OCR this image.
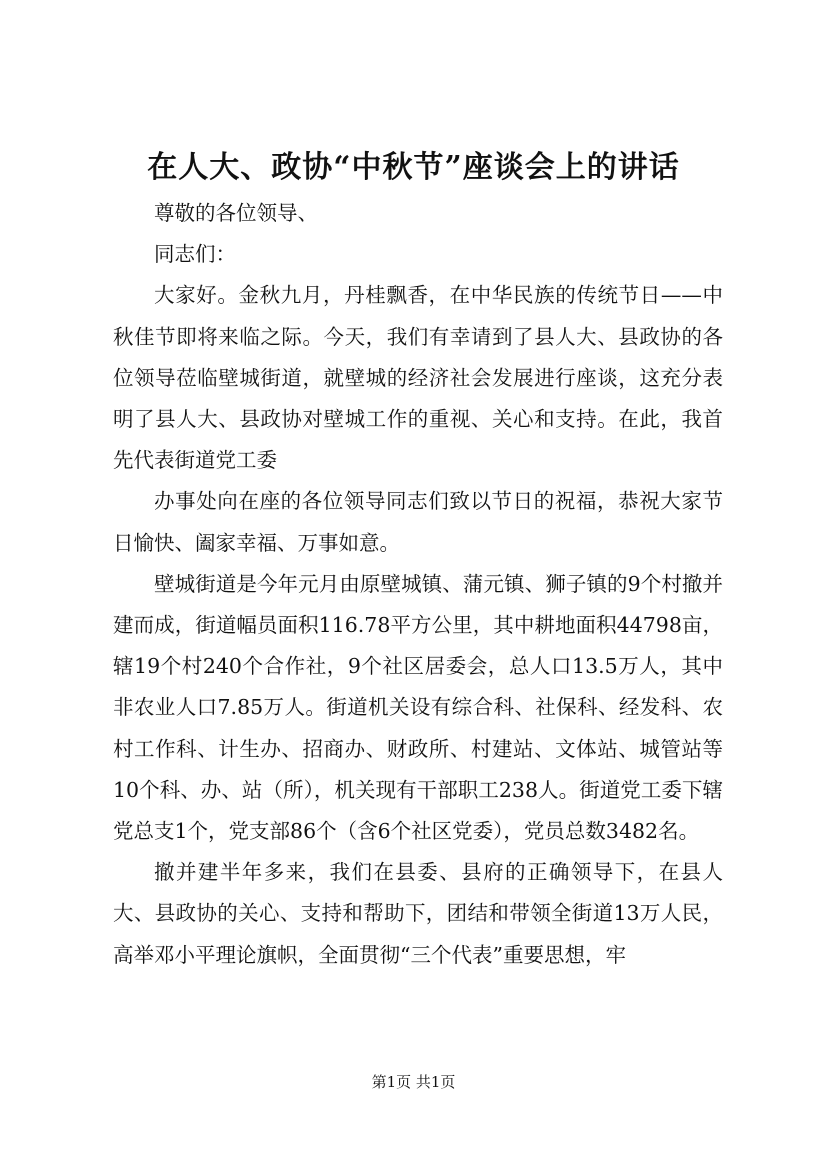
在人大、政协“中秋节”座谈会上的讲话

尊敬的各位领导、

同志们：

大家好。金秋九月，丹桂飘香，在中华民族的传统节日——中秋佳节即将来临之际。今天，我们有幸请到了县人大、县政协的各位领导莅临壁城街道，就壁城的经济社会发展进行座谈，这充分表明了县人大、县政协对壁城工作的重视、关心和支持。在此，我首先代表街道党工委

办事处向在座的各位领导同志们致以节日的祝福，恭祝大家节日愉快、阖家幸福、万事如意。

壁城街道是今年元月由原壁城镇、蒲元镇、狮子镇的9个村撤并建而成，街道幅员面积116.78平方公里，其中耕地面积44798亩，辖19个村240个合作社，9个社区居委会，总人口13.5万人，其中非农业人口7.85万人。街道机关设有综合科、社保科、经发科、农村工作科、计生办、招商办、财政所、村建站、文体站、城管站等10个科、办、站（所），机关现有干部职工238人。街道党工委下辖党总支1个，党支部86个（含6个社区党委），党员总数3482名。

撤并建半年多来，我们在县委、县府的正确领导下，在县人大、县政协的关心、支持和帮助下，团结和带领全街道13万人民，高举邓小平理论旗帜，全面贯彻“三个代表”重要思想，牢

第1页 共1页
